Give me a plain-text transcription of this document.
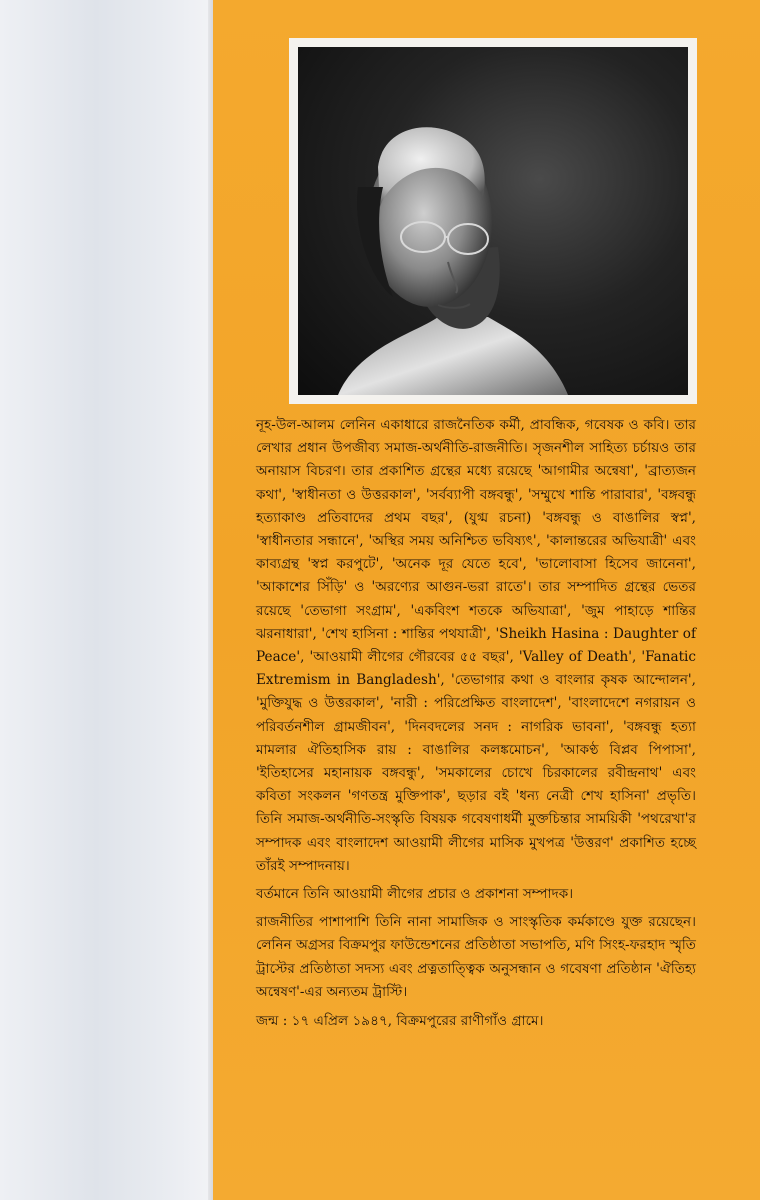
নূহ-উল-আলম লেনিন একাধারে রাজনৈতিক কর্মী, প্রাবন্ধিক, গবেষক ও কবি। তার লেখার প্রধান উপজীব্য সমাজ-অর্থনীতি-রাজনীতি। সৃজনশীল সাহিত্য চর্চায়ও তার অনায়াস বিচরণ। তার প্রকাশিত গ্রন্থের মধ্যে রয়েছে 'আগামীর অন্বেষা', 'ব্রাত্যজন কথা', 'স্বাধীনতা ও উত্তরকাল', 'সর্বব্যাপী বঙ্গবন্ধু', 'সম্মুখে শান্তি পারাবার', 'বঙ্গবন্ধু হত্যাকাণ্ড প্রতিবাদের প্রথম বছর', (যুগ্ম রচনা) 'বঙ্গবন্ধু ও বাঙালির স্বপ্ন', 'স্বাধীনতার সন্ধানে', 'অস্থির সময় অনিশ্চিত ভবিষ্যৎ', 'কালান্তরের অভিযাত্রী' এবং কাব্যগ্রন্থ 'স্বপ্ন করপুটে', 'অনেক দূর যেতে হবে', 'ভালোবাসা হিসেব জানেনা', 'আকাশের সিঁড়ি' ও 'অরণ্যের আগুন-ভরা রাতে'। তার সম্পাদিত গ্রন্থের ভেতর রয়েছে 'তেভাগা সংগ্রাম', 'একবিংশ শতকে অভিযাত্রা', 'জুম পাহাড়ে শান্তির ঝরনাধারা', 'শেখ হাসিনা : শান্তির পথযাত্রী', 'Sheikh Hasina : Daughter of Peace', 'আওয়ামী লীগের গৌরবের ৫৫ বছর', 'Valley of Death', 'Fanatic Extremism in Bangladesh', 'তেভাগার কথা ও বাংলার কৃষক আন্দোলন', 'মুক্তিযুদ্ধ ও উত্তরকাল', 'নারী : পরিপ্রেক্ষিত বাংলাদেশ', 'বাংলাদেশে নগরায়ন ও পরিবর্তনশীল গ্রামজীবন', 'দিনবদলের সনদ : নাগরিক ভাবনা', 'বঙ্গবন্ধু হত্যা মামলার ঐতিহাসিক রায় : বাঙালির কলঙ্কমোচন', 'আকণ্ঠ বিপ্লব পিপাসা', 'ইতিহাসের মহানায়ক বঙ্গবন্ধু', 'সমকালের চোখে চিরকালের রবীন্দ্রনাথ' এবং কবিতা সংকলন 'গণতন্ত্র মুক্তিপাক', ছড়ার বই 'ধন্য নেত্রী শেখ হাসিনা' প্রভৃতি। তিনি সমাজ-অর্থনীতি-সংস্কৃতি বিষয়ক গবেষণাধর্মী মুক্তচিন্তার সাময়িকী 'পথরেখা'র সম্পাদক এবং বাংলাদেশ আওয়ামী লীগের মাসিক মুখপত্র 'উত্তরণ' প্রকাশিত হচ্ছে তাঁরই সম্পাদনায়।

বর্তমানে তিনি আওয়ামী লীগের প্রচার ও প্রকাশনা সম্পাদক।

রাজনীতির পাশাপাশি তিনি নানা সামাজিক ও সাংস্কৃতিক কর্মকাণ্ডে যুক্ত রয়েছেন। লেনিন অগ্রসর বিক্রমপুর ফাউন্ডেশনের প্রতিষ্ঠাতা সভাপতি, মণি সিংহ-ফরহাদ স্মৃতি ট্রাস্টের প্রতিষ্ঠাতা সদস্য এবং প্রত্নতাত্ত্বিক অনুসন্ধান ও গবেষণা প্রতিষ্ঠান 'ঐতিহ্য অন্বেষণ'-এর অন্যতম ট্রাস্টি।

জন্ম : ১৭ এপ্রিল ১৯৪৭, বিক্রমপুরের রাণীগাঁও গ্রামে।
